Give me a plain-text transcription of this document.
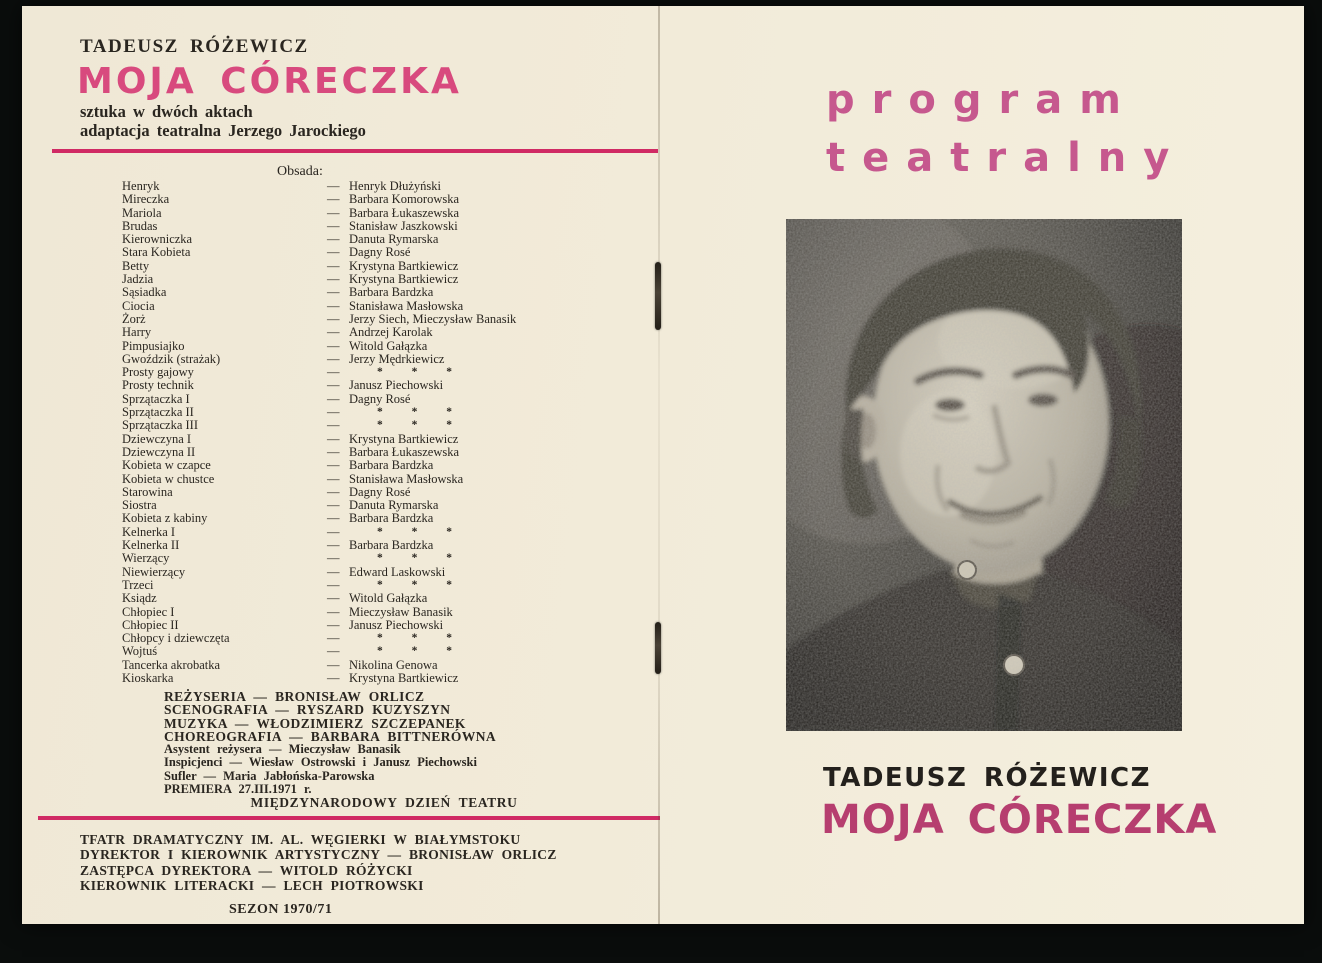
TADEUSZ RÓŻEWICZ
MOJA CÓRECZKA
sztuka w dwóch aktach
adaptacja teatralna Jerzego Jarockiego
Obsada:
Henryk	— Henryk Dłużyński
Mireczka	— Barbara Komorowska
Mariola	— Barbara Łukaszewska
Brudas	— Stanisław Jaszkowski
Kierowniczka	— Danuta Rymarska
Stara Kobieta	— Dagny Rosé
Betty	— Krystyna Bartkiewicz
Jadzia	— Krystyna Bartkiewicz
Sąsiadka	— Barbara Bardzka
Ciocia	— Stanisława Masłowska
Żorż	— Jerzy Siech, Mieczysław Banasik
Harry	— Andrzej Karolak
Pimpusiajko	— Witold Gałązka
Gwoździk (strażak)	— Jerzy Mędrkiewicz
Prosty gajowy	—	* * *
Prosty technik	— Janusz Piechowski
Sprzątaczka I	— Dagny Rosé
Sprzątaczka II	—	* * *
Sprzątaczka III	—	* * *
Dziewczyna I	— Krystyna Bartkiewicz
Dziewczyna II	— Barbara Łukaszewska
Kobieta w czapce	— Barbara Bardzka
Kobieta w chustce	— Stanisława Masłowska
Starowina	— Dagny Rosé
Siostra	— Danuta Rymarska
Kobieta z kabiny	— Barbara Bardzka
Kelnerka I	—	* * *
Kelnerka II	— Barbara Bardzka
Wierzący	—	* * *
Niewierzący	— Edward Laskowski
Trzeci	—	* * *
Ksiądz	— Witold Gałązka
Chłopiec I	— Mieczysław Banasik
Chłopiec II	— Janusz Piechowski
Chłopcy i dziewczęta	—	* * *
Wojtuś	—	* * *
Tancerka akrobatka	— Nikolina Genowa
Kioskarka	— Krystyna Bartkiewicz
REŻYSERIA — BRONISŁAW ORLICZ
SCENOGRAFIA — RYSZARD KUZYSZYN
MUZYKA — WŁODZIMIERZ SZCZEPANEK
CHOREOGRAFIA — BARBARA BITTNERÓWNA
Asystent reżysera — Mieczysław Banasik
Inspicjenci — Wiesław Ostrowski i Janusz Piechowski
Sufler — Maria Jabłońska-Parowska
PREMIERA 27.III.1971 r.
MIĘDZYNARODOWY DZIEŃ TEATRU
TFATR DRAMATYCZNY IM. AL. WĘGIERKI W BIAŁYMSTOKU
DYREKTOR I KIEROWNIK ARTYSTYCZNY — BRONISŁAW ORLICZ
ZASTĘPCA DYREKTORA — WITOLD RÓŻYCKI
KIEROWNIK LITERACKI — LECH PIOTROWSKI
SEZON 1970/71
program
teatralny
TADEUSZ RÓŻEWICZ
MOJA CÓRECZKA
